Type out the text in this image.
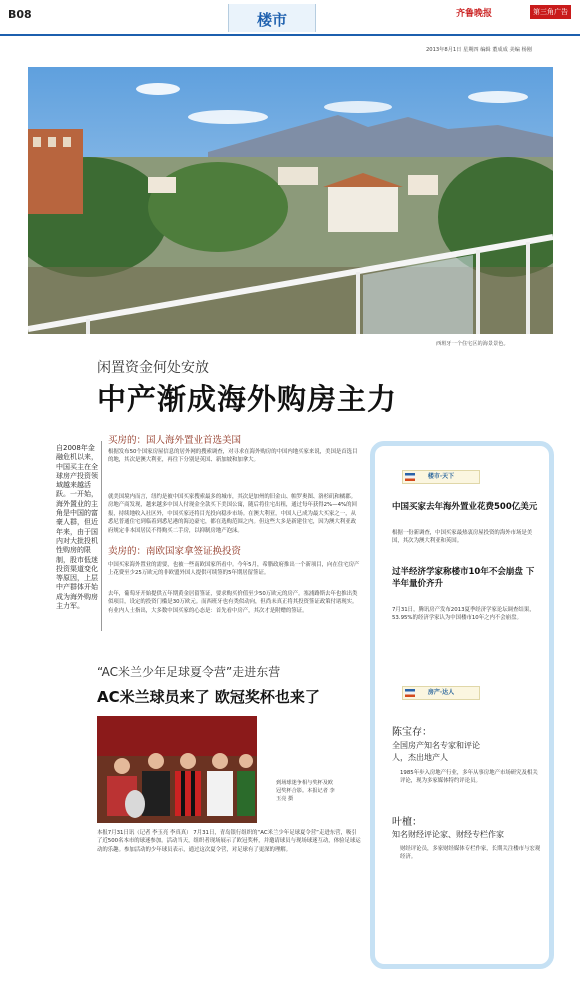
B08	楼市	齐鲁晚报	第三角广告
2013年8月1日 星期四 编辑 董成成 美编 杨刚
西班牙一个住宅区的海景景色。
闲置资金何处安放
中产渐成海外购房主力
自2008年金融危机以来，中国买主在全球房产投资领域越来越活跃。一开始，海外置业的主角是中国的富豪人群，但近年来，由于国内对大批投机性购房的限制，股市低迷投资渠道变化等原因，上层中产群体开始成为海外购房主力军。
买房的：国人海外置业首选美国
根据发布50个国家房屋信息的居外网的搜索调查，对寻求在海外购房的中国内地买家来说，美国是首选目的地，其次是澳大利亚，再往下分别是英国、新加坡和加拿大。
就美国境内而言，纽约是被中国买家搜索最多的城市，其次是加州的旧金山、帕罗奥图、洛杉矶和橘郡。房地产商发现，越来越多中国人付现金全款买下美国公寓，随后将住宅出租，通过每年获得2%—4%的回报，持续地收入社区外，中国买家还将目光投向稳步市场。在澳大利亚，中国人已成为最大买家之一，从悉尼普通住宅到临着到悉尼港的海边豪宅，都在选购范围之内。但这些大多是新建住宅，因为澳大利亚政府规定非本国居民不得购买二手房，以抑制房地产泡沫。
卖房的：南欧国家拿签证换投资
中国买家海外置业的需要，也被一些南欧国家所看中。今年5月，希腊政府推出一个新项目，向在住宅房产上花费至少25万欧元的非欧盟外国人提供可续签的5年期居留签证。
去年，葡萄牙开始提供五年期黄金居留签证，要求购买价值至少50万欧元的房产。塞浦路斯去年也推出类似项目，设定的投资门槛是30万欧元。而西班牙也有类似动向，但尚未真正将其投资签证政策付诸现实。有业内人士指出，大多数中国买家的心态是：首先看中房产，其次才是附赠的签证。
“AC米兰少年足球夏令营”走进东营
AC米兰球员来了 欧冠奖杯也来了
到场球迷争相与奖杯及欧冠奖杯合影。本报记者 李玉亮 摄
本报7月31日讯（记者 李玉亮 李真真） 7月31日，青岛银行组织的“AC米兰少年足球夏令营”走进东营，吸引了近500名本市的球迷参加。活动当天，组织者现场展示了欧冠奖杯，并邀请球员与现场球迷互动，体验足球运动的乐趣。参加活动的少年球员表示，通过这次夏令营，对足球有了更深的理解。
楼市·天下
中国买家去年海外置业花费500亿美元
根据一份新调查，中国买家最热衷房屋投资的海外市场是美国，其次为澳大利亚和英国。
过半经济学家称楼市10年不会崩盘 下半年量价齐升
7月31日，腾讯房产发布2013夏季经济学家论坛调查结果，53.95%的经济学家认为中国楼市10年之内不会崩盘。
房产·达人
陈宝存：
全国房产知名专家和评论人，杰出地产人
1985年步入房地产行业，多年从事房地产市场研究及相关评论，现为多家媒体特约评论员。
叶檀：
知名财经评论家、财经专栏作家
财经评论员，多家财经媒体专栏作家，长期关注楼市与宏观经济。
